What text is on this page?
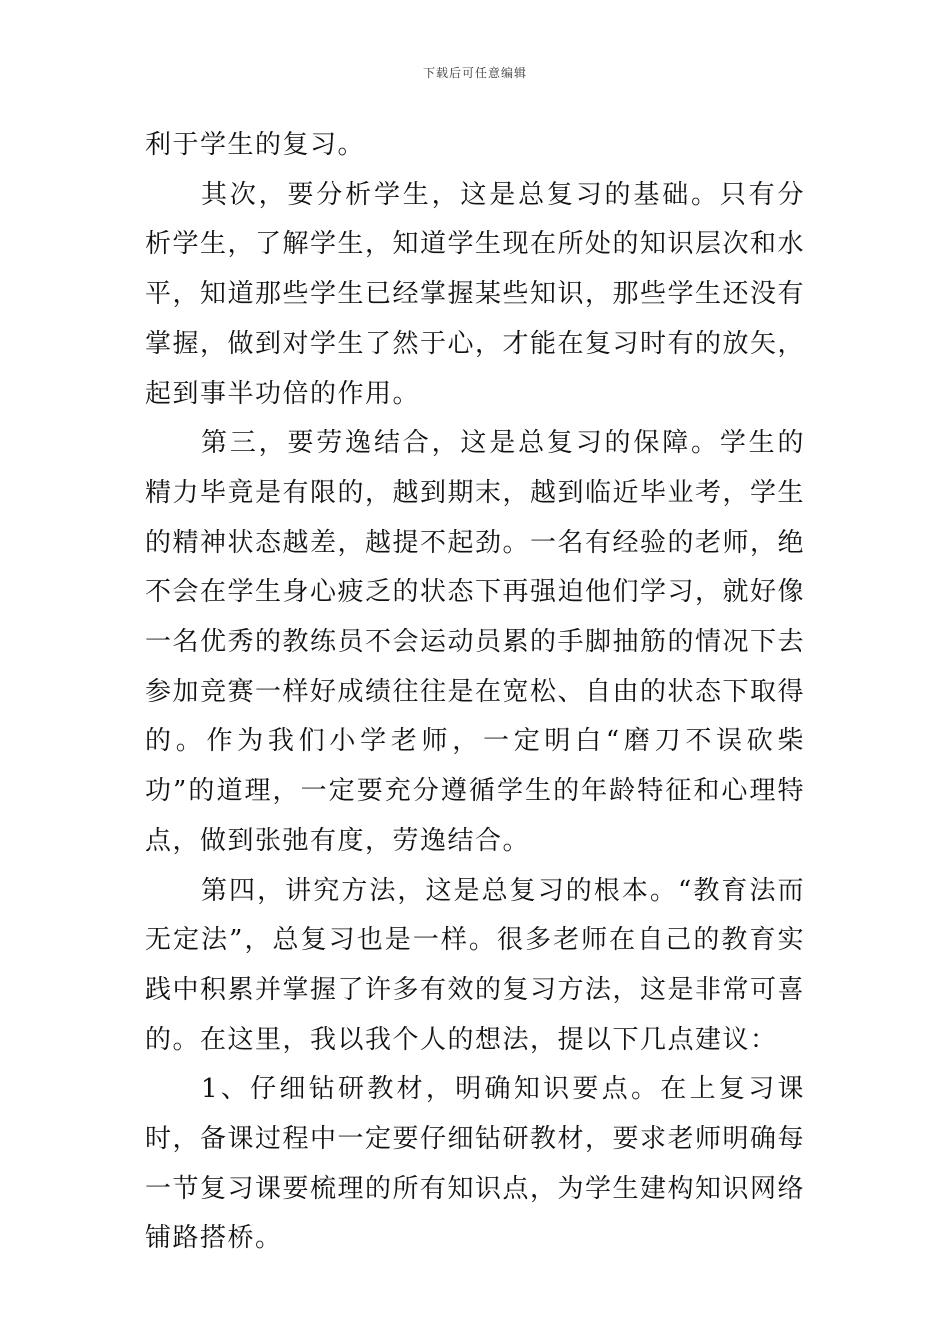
下载后可任意编辑

利于学生的复习。

其次，要分析学生，这是总复习的基础。只有分析学生，了解学生，知道学生现在所处的知识层次和水平，知道那些学生已经掌握某些知识，那些学生还没有掌握，做到对学生了然于心，才能在复习时有的放矢，起到事半功倍的作用。

第三，要劳逸结合，这是总复习的保障。学生的精力毕竟是有限的，越到期末，越到临近毕业考，学生的精神状态越差，越提不起劲。一名有经验的老师，绝不会在学生身心疲乏的状态下再强迫他们学习，就好像一名优秀的教练员不会运动员累的手脚抽筋的情况下去参加竞赛一样好成绩往往是在宽松、自由的状态下取得的。作为我们小学老师，一定明白“磨刀不误砍柴功”的道理，一定要充分遵循学生的年龄特征和心理特点，做到张弛有度，劳逸结合。

第四，讲究方法，这是总复习的根本。“教育法而无定法”，总复习也是一样。很多老师在自己的教育实践中积累并掌握了许多有效的复习方法，这是非常可喜的。在这里，我以我个人的想法，提以下几点建议：

1、仔细钻研教材，明确知识要点。在上复习课时，备课过程中一定要仔细钻研教材，要求老师明确每一节复习课要梳理的所有知识点，为学生建构知识网络铺路搭桥。
